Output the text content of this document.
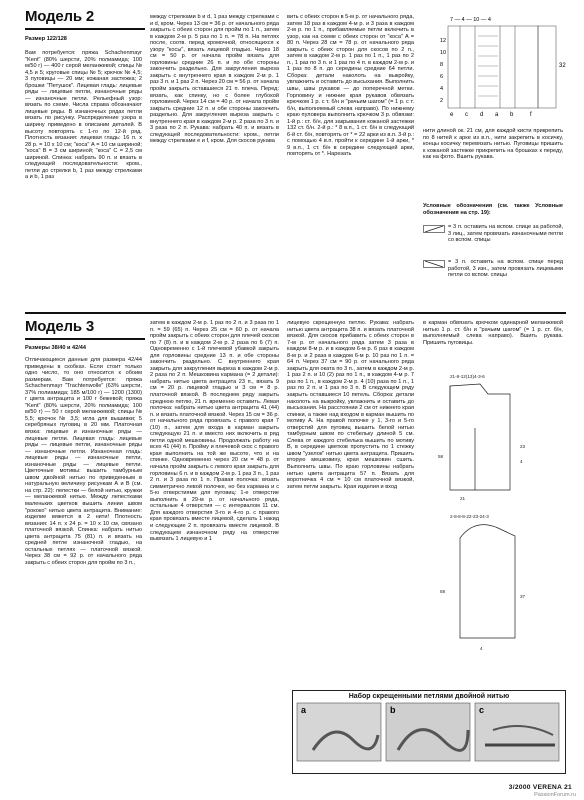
Модель 2
Размер 122/128
Вам потребуется: пряжа Schachenmayr "Kent" (80% шерсти, 20% полиамида; 100 м/50 г) — 400 г серой меланжевой; спицы № 4,5 и 5; круговые спицы № 5; крючок № 4,5; 3 пуговицы — 20 мм; кожаная застежка; 2 брошки "Петушок". Лицевая гладь: лицевые ряды — лицевые петли, изнаночные ряды — изнаночные петли. Рельефный узор: вязать по схеме. Числа справа обозначают лицевые ряды. В изнаночных рядах петли вязать по рисунку. Распределение узора в ширину приведено в описании деталей. В высоту повторять с 1-го по 12-й ряд. Плотность вязания: лицевая гладь: 16 п. х 28 р. = 10 х 10 см; "коса" А = 10 см шириной; "коса" В = 3 см шириной; "коса" С = 2,5 см шириной. Спинка: набрать 90 п. и вязать в следующей последовательности: кром., петли до стрелки b, 1 раз между стрелками a и b, 1 раз
между стрелками b и d, 1 раз между стрелками c и d, кром. Через 13 см = 36 р. от начального ряда закрыть с обеих сторон для пройм по 1 п., затем в каждом 2-м р. 5 раз по 1 п. = 78 п. На петлях после, соотв. перед кромочной, относящихся к узору "косы", вязать лицевой гладью. Через 18 см = 50 р. от начала пройм вязать для горловины средние 26 п. и по обе стороны закончить раздельно. Для закругления выреза закрыть с внутреннего края в каждом 2-м р. 1 раз 3 п. и 1 раз 2 п. Через 20 см = 56 р. от начала пройм закрыть оставшиеся 21 п. плеча. Перед: вязать, как спинку, но с более глубокой горловиной. Через 14 см = 40 р. от начала пройм закрыть средние 12 п. и обе стороны закончить раздельно. Для закругления выреза закрыть с внутреннего края в каждом 2-м р. 2 раза по 3 п. и 3 раза по 2 п. Рукава: набрать 40 п. и вязать в следующей последовательности: кром., петли между стрелками е и f, кром. Для скосов рукава
вить с обеих сторон в 5-м р. от начального ряда, затем 18 раз в каждом 4-м р. и 3 раза в каждом 2-м р. по 1 п., прибавляемые петли включить в узор, как на схеме с обеих сторон от "коса" А = 80 п. Через 28 см = 78 р. от начального ряда закрыть с обеих сторон для скосов по 2 п., затем в каждом 2-м р. 1 раз по 1 п., 1 раз по 2 п., 1 раз по 3 п. и 1 раз по 4 п. в каждом 2-м р. и 1 раз по 8 п. до середины средние 64 петли. Сборка: детали наколоть на выкройку, увлажнить и оставить до высыхания. Выполнить швы, швы рукавов — до поперечной метки. Горловину и нижние края рукавов обвязать крючком 1 р. с т. б/н и "рачьим шагом" (= 1 р. с т. б/н, выполняемый слева направо). По нижнему краю пуловера выполнить крючком 3 р. обвязки: 1-й р.: ст. б/н, для закрывания кожаной застежки 132 ст. б/н. 2-й р.: * 8 в.п., 1 ст. б/н в следующий 6-й ст. б/н, повторять от * = 22 арки из в.п. 3-й р.: с помощью 4 в.п. пройти к середине 1-й арки, * 9 в.п., 1 ст. б/н в середине следующей арки, повторять от *. Нарезать
7 — 4 — 10 — 4
32
12
10
8
6
4
2
e c d a b	f
нити длиной ок. 21 см, для каждой кисти прикрепить по 8 нитей к арке из в.п., нити закрепить в косичку, концы косичку перевязать нитью. Пуговицы пришить к кожаной застежке прикрепить на брошках к переду, как на фото. Вшить рукава.
Условные обозначения (см. также Условные обозначения на стр. 19):
= 3 п. оставить на вспом. спице за работой, 3 лиц., затем провязать изнаночными петли со вспом. спицы
= 3 п. оставить на вспом. спице перед работой, 3 изн., затем провязать лицевыми петли со вспом. спицы
Модель 3
Размеры 38/40 и 42/44
Отличающиеся данные для размера 42/44 приведены в скобках. Если стоит только одно число, то оно относится к обоим размерам. Вам потребуется: пряжа Schachenmayr "Trachtenwolle" (63% шерсти, 37% полиамида; 185 м/100 г) — 1200 (1300) г цвета антрацита и 100 г бежевой; пряжа "Kent" (80% шерсти, 20% полиамида; 100 м/50 г) — 50 г серой меланжевой; спицы № 5,5; крючок № 3,5; игла для вышивки; 5 серебряных пуговиц в 20 мм. Платочная вязка: лицевые и изнаночные ряды — лицевые петли. Лицевая гладь: лицевые ряды — лицевые петли, изнаночные ряды — изнаночные петли. Изнаночная гладь: лицевые ряды — изнаночные петли, изнаночные ряды — лицевые петли. Цветочные мотивы: вышить тамбурным швом двойной нитью по приведенным в натуральную величину рисункам А и В (см. на стр. 22): лепестки — белой нитью, кружки — меланжевой нитью. Между лепестками маленьких цветков вышить линии швом "рококо" нитью цвета антрацита. Внимание: изделие вяжется в 2 нити! Плотность вязания: 14 п. х 24 р. = 10 х 10 см, связано платочной вязкой. Спинка: набрать нитью цвета антрацита 75 (81) п. и вязать на средней петле изнаночной гладью, на остальных петлях — платочной вязкой. Через 38 см = 92 р. от начального ряда закрыть с обеих сторон для пройм по 3 п.,
затем в каждом 2-м р. 1 раз по 2 п. и 3 раза по 1 п. = 59 (65) п. Через 25 см = 60 р. от начала пройм закрыть с обеих сторон для плечей скосов по 7 (8) п. и в каждом 2-м р. 2 раза по 6 (7) п. Одновременно с 1-й плечевой убавкой закрыть для горловины средние 13 п. и обе стороны закончить раздельно. С внутреннего края закрыть для закругления выреза в каждом 2-м р. 2 раза по 2 п. Мешковина кармана (= 2 детали): набрать нитью цвета антрацита 23 п., вязать 9 см = 20 р. лицевой гладью и 3 см = 8 р. платочной вязкой. В последнем ряду закрыть среднюю петлю, 21 п. временно оставить. Левая полочка: набрать нитью цвета антрацита 41 (44) п. и вязать платочной вязкой. Через 15 см = 36 р. от начального ряда провязать с правого края 7 (10) п., затем для входа в карман закрыть следующую 21 п. и вместо них включить в ряд петли одной мешковины. Продолжать работу на всех 41 (44) п. Пройму и плечевой скос с правого края выполнить на той же высоте, что и на спинке. Одновременно через 20 см = 48 р. от начала пройм закрыть с левого края закрыть для горловины 6 п. и в каждом 2-м р. 1 раз 3 п., 1 раз 2 п. и 3 раза по 1 п. Правая полочка: вязать симметрично левой полочке, но без кармана и с 5-ю отверстиями для пуговиц: 1-е отверстие выполнить в 29-м р. от начального ряда, остальные 4 отверстия — с интервалом 11 см. Для каждого отверстия 3-го и 4-го р. с правого края провязать вместе лицевой, сделать 1 накид и следующие 2 п. провязать вместе лицевой. В следующем изнаночном ряду на отверстие вывязать 1 лицевую и 1
лицевую скрещенную петлю. Рукава: набрать нитью цвета антрацита 38 п. и вязать платочной вязкой. Для скосов прибавить с обеих сторон в 7-м р. от начального ряда затем 3 раза в каждом 8-м р. и в каждом 6-м р. 6 раз в каждом 8-м р. и 2 раза в каждом 6-м р. 10 раз по 1 п. = 64 п. Через 37 см = 90 р. от начального ряда закрыть для оката по 3 п., затем в каждом 2-м р. 1 раз 2 п. и 10 (2) раз по 1 п., в каждом 4-м р. 7 раз по 1 п., в каждом 2-м р. 4 (10) раза по 1 п., 1 раз по 2 п. и 1 раз по 3 п. В следующем ряду закрыть оставшиеся 10 петель. Сборка: детали наколоть на выкройку, увлажнить и оставить до высыхания. На расстоянии 2 см от нижнего края спинки, а также над входом в карман вышить по мотиву А. На правой полочке у 1, 3-го и 5-го отверстий для пуговиц вышить белой нитью тамбурным швом по стебельку длиной 5 см. Слева от каждого стебелька вышить по мотиву В, в середине цветков пропустить по 1 стежку швом "узелок" нитью цвета антрацита. Пришить вторую мешковину, края мешковин сшить. Выполнить швы. По краю горловины набрать нитью цвета антрацита 57 п. Вязать для воротничка 4 см = 10 см платочной вязкой, затем петли закрыть. Края изделия и вход
в карман обвязать крючком одинарной меланжевой нитью 1 р. ст. б/н и "рачьим шагом" (= 1 р. ст. б/н, выполняемый слева направо). Вшить рукава. Пришить пуговицы.
21-8-12(13)4-3-6
58
4
23
21
2-8-8-8-22-23-24-3
58
37
4
Набор скрещенными петлями двойной нитью
a	b	c
3/2000 VERENA 21
PassionForum.ru
